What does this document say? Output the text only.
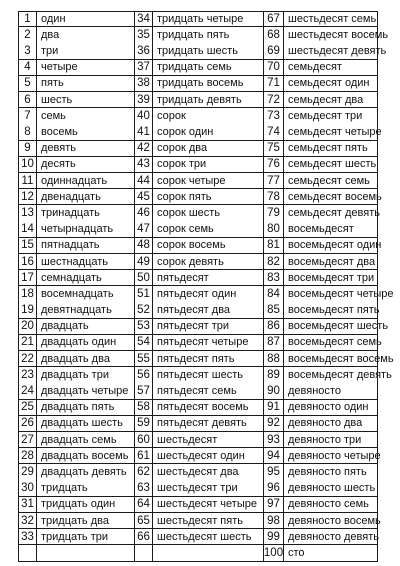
1 один
2 два
3 три
4 четыре
5 пять
6 шесть
7 семь
8 восемь
9 девять
10 десять
11 одиннадцать
12 двенадцать
13 тринадцать
14 четырнадцать
15 пятнадцать
16 шестнадцать
17 семнадцать
18 восемнадцать
19 девятнадцать
20 двадцать
21 двадцать один
22 двадцать два
23 двадцать три
24 двадцать четыре
25 двадцать пять
26 двадцать шесть
27 двадцать семь
28 двадцать восемь
29 двадцать девять
30 тридцать
31 тридцать один
32 тридцать два
33 тридцать три
34 тридцать четыре
35 тридцать пять
36 тридцать шесть
37 тридцать семь
38 тридцать восемь
39 тридцать девять
40 сорок
41 сорок один
42 сорок два
43 сорок три
44 сорок четыре
45 сорок пять
46 сорок шесть
47 сорок семь
48 сорок восемь
49 сорок девять
50 пятьдесят
51 пятьдесят один
52 пятьдесят два
53 пятьдесят три
54 пятьдесят четыре
55 пятьдесят пять
56 пятьдесят шесть
57 пятьдесят семь
58 пятьдесят восемь
59 пятьдесят девять
60 шестьдесят
61 шестьдесят один
62 шестьдесят два
63 шестьдесят три
64 шестьдесят четыре
65 шестьдесят пять
66 шестьдесят шесть
67 шестьдесят семь
68 шестьдесят восемь
69 шестьдесят девять
70 семьдесят
71 семьдесят один
72 семьдесят два
73 семьдесят три
74 семьдесят четыре
75 семьдесят пять
76 семьдесят шесть
77 семьдесят семь
78 семьдесят восемь
79 семьдесят девять
80 восемьдесят
81 восемьдесят один
82 восемьдесят два
83 восемьдесят три
84 восемьдесят четыре
85 восемьдесят пять
86 восемьдесят шесть
87 восемьдесят семь
88 восемьдесят восемь
89 восемьдесят девять
90 девяносто
91 девяносто один
92 девяносто два
93 девяносто три
94 девяносто четыре
95 девяносто пять
96 девяносто шесть
97 девяносто семь
98 девяносто восемь
99 девяносто девять
100 сто
